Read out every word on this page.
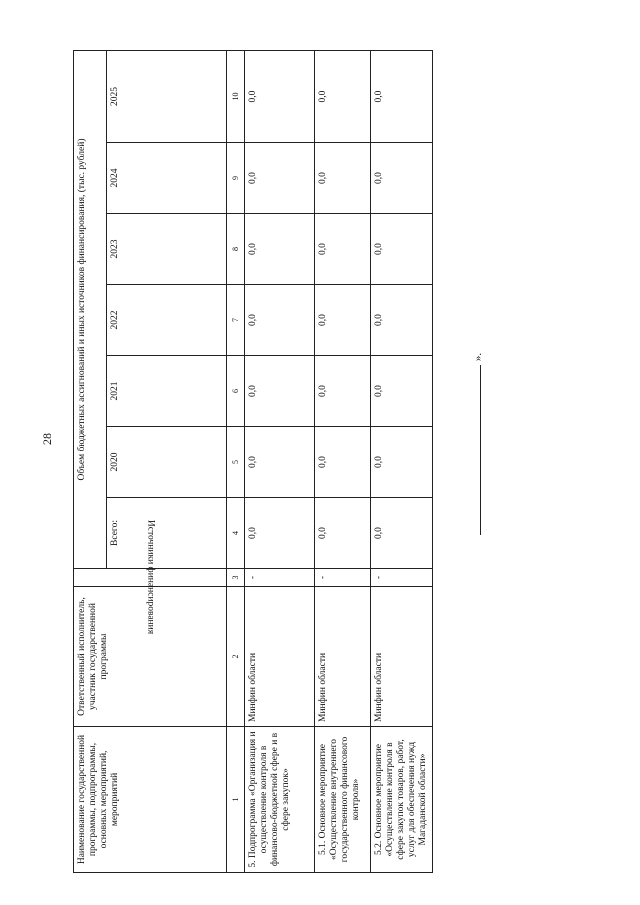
28
Наименование государственной программы, подпрограммы, основных мероприятий, мероприятий	Ответственный исполнитель, участник государственной программы	Источники финансирования	Объем бюджетных ассигнований и иных источников финансирования, (тыс. рублей)						
			Всего:	2020	2021	2022	2023	2024	2025
1	2	3	4	5	6	7	8	9	10
5. Подпрограмма «Организация и осуществление контроля в финансово-бюджетной сфере и в сфере закупок»	Минфин области	-	0,0	0,0	0,0	0,0	0,0	0,0	0,0
5.1. Основное мероприятие «Осуществление внутреннего государственного финансового контроля»	Минфин области	-	0,0	0,0	0,0	0,0	0,0	0,0	0,0
5.2. Основное мероприятие «Осуществление контроля в сфере закупок товаров, работ, услуг для обеспечения нужд Магаданской области»	Минфин области	-	0,0	0,0	0,0	0,0	0,0	0,0	0,0
».
